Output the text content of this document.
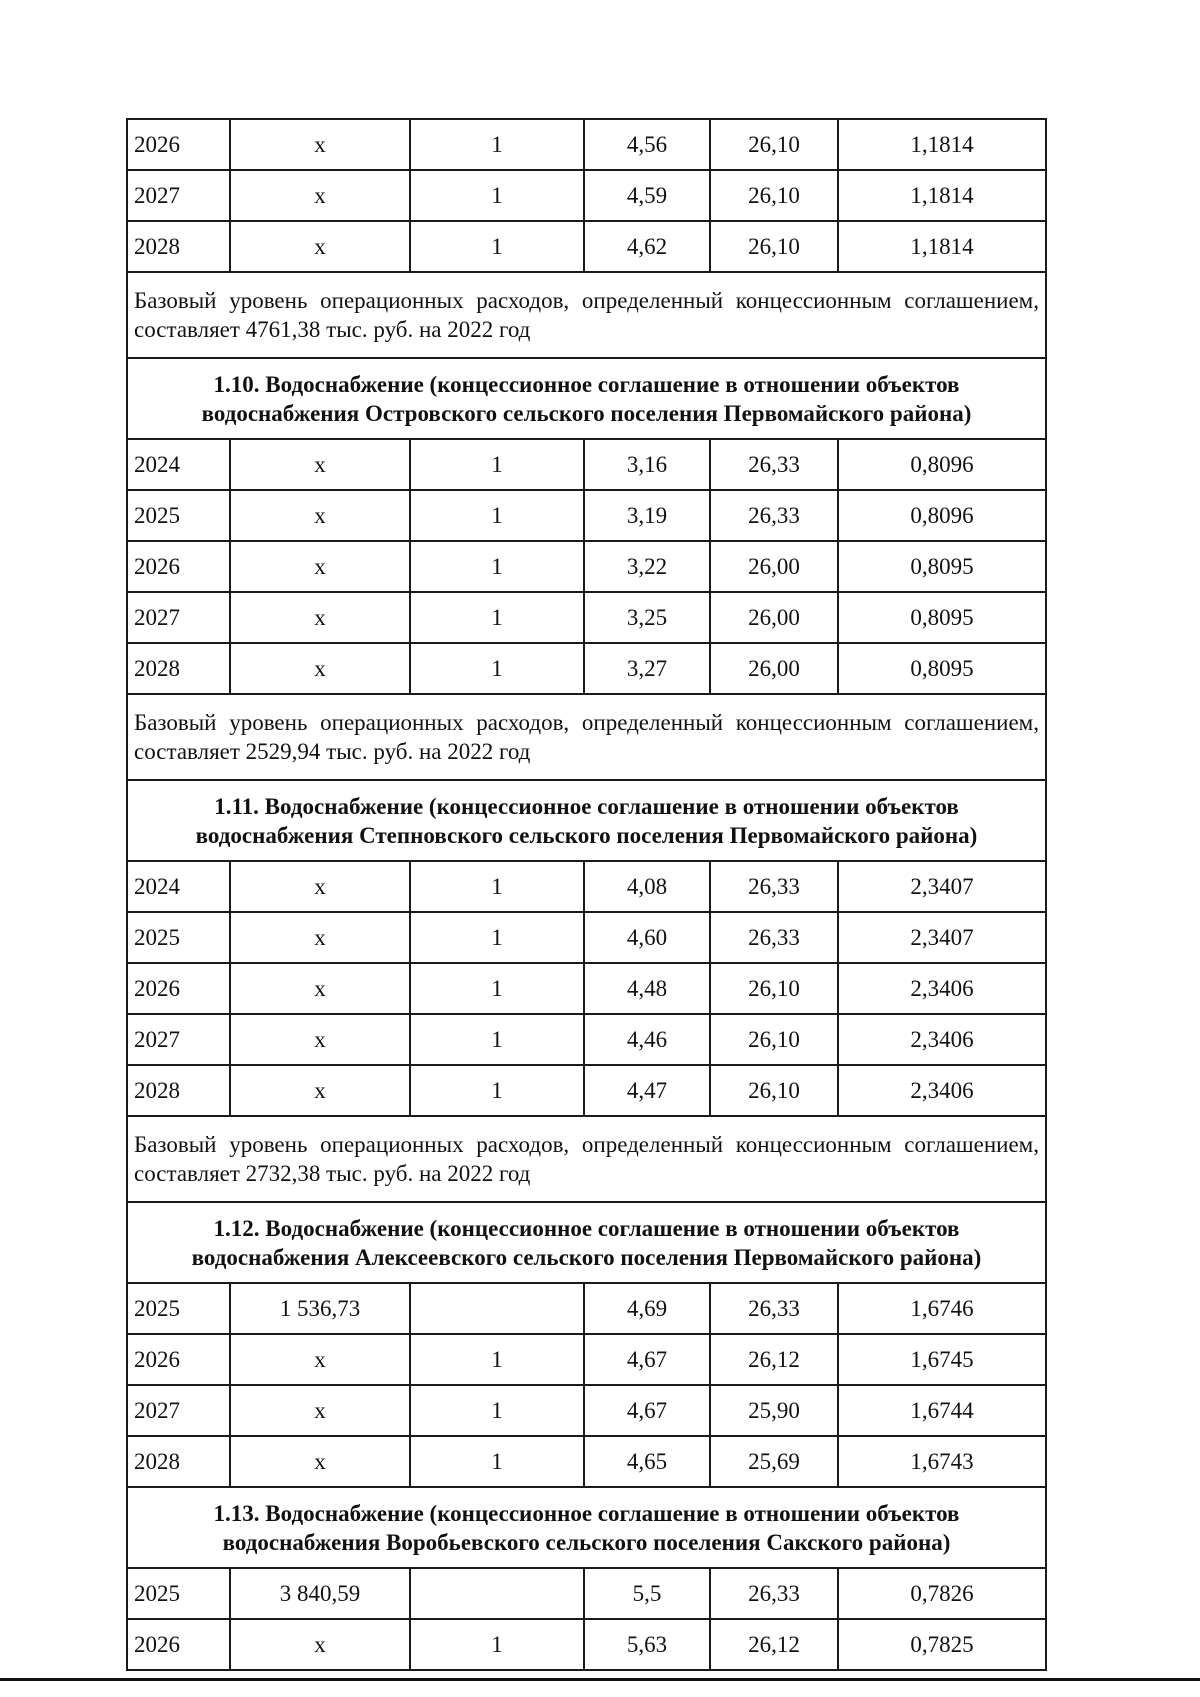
2026	х	1	4,56	26,10	1,1814
2027	х	1	4,59	26,10	1,1814
2028	х	1	4,62	26,10	1,1814
Базовый уровень операционных расходов, определенный концессионным соглашением, составляет 4761,38 тыс. руб. на 2022 год					
1.10. Водоснабжение (концессионное соглашение в отношении объектов водоснабжения Островского сельского поселения Первомайского района)					
2024	х	1	3,16	26,33	0,8096
2025	х	1	3,19	26,33	0,8096
2026	х	1	3,22	26,00	0,8095
2027	х	1	3,25	26,00	0,8095
2028	х	1	3,27	26,00	0,8095
Базовый уровень операционных расходов, определенный концессионным соглашением, составляет 2529,94 тыс. руб. на 2022 год					
1.11. Водоснабжение (концессионное соглашение в отношении объектов водоснабжения Степновского сельского поселения Первомайского района)					
2024	х	1	4,08	26,33	2,3407
2025	х	1	4,60	26,33	2,3407
2026	х	1	4,48	26,10	2,3406
2027	х	1	4,46	26,10	2,3406
2028	х	1	4,47	26,10	2,3406
Базовый уровень операционных расходов, определенный концессионным соглашением, составляет 2732,38 тыс. руб. на 2022 год					
1.12. Водоснабжение (концессионное соглашение в отношении объектов водоснабжения Алексеевского сельского поселения Первомайского района)					
2025	1 536,73		4,69	26,33	1,6746
2026	х	1	4,67	26,12	1,6745
2027	х	1	4,67	25,90	1,6744
2028	х	1	4,65	25,69	1,6743
1.13. Водоснабжение (концессионное соглашение в отношении объектов водоснабжения Воробьевского сельского поселения Сакского района)					
2025	3 840,59		5,5	26,33	0,7826
2026	х	1	5,63	26,12	0,7825
